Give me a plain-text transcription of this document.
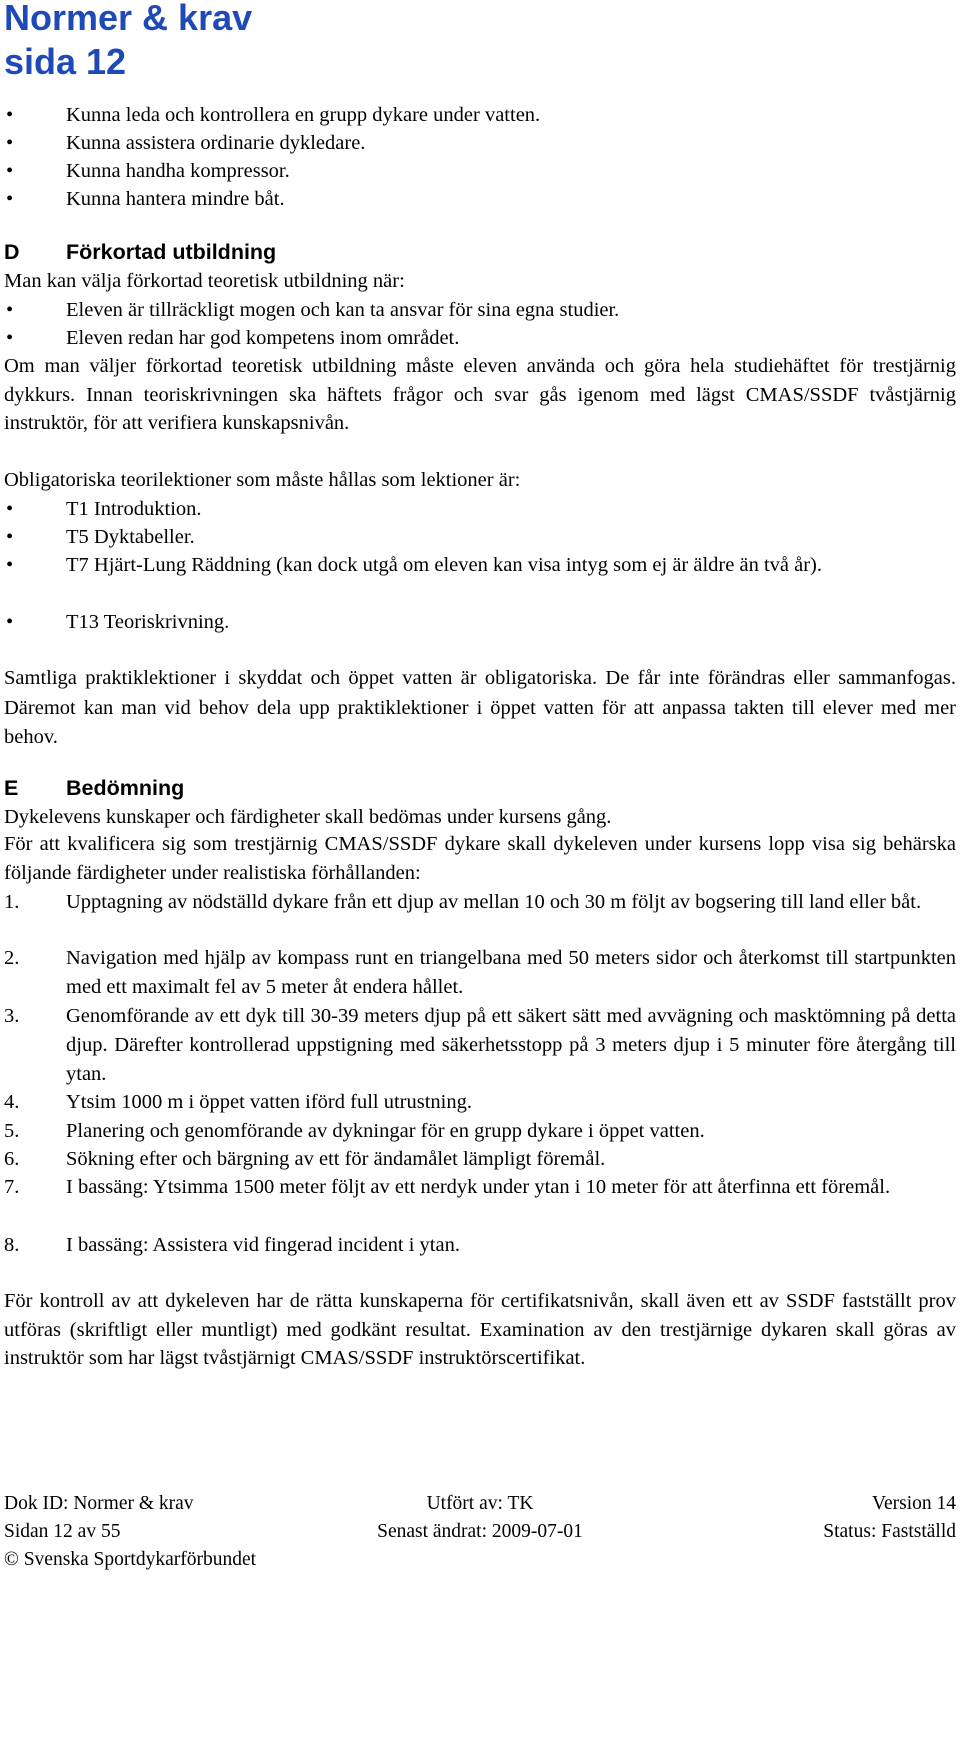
Normer & krav
sida 12
•	Kunna leda och kontrollera en grupp dykare under vatten.
•	Kunna assistera ordinarie dykledare.
•	Kunna handha kompressor.
•	Kunna hantera mindre båt.
D Förkortad utbildning

Man kan välja förkortad teoretisk utbildning när:

•	Eleven är tillräckligt mogen och kan ta ansvar för sina egna studier.
•	Eleven redan har god kompetens inom området.

Om man väljer förkortad teoretisk utbildning måste eleven använda och göra hela studiehäftet för trestjärnig dykkurs. Innan teoriskrivningen ska häftets frågor och svar gås igenom med lägst CMAS/SSDF tvåstjärnig instruktör, för att verifiera kunskapsnivån.

Obligatoriska teorilektioner som måste hållas som lektioner är:

•	T1 Introduktion.
•	T5 Dyktabeller.
•	T7 Hjärt-Lung Räddning (kan dock utgå om eleven kan visa intyg som ej är äldre än två år).
•	T13 Teoriskrivning.

Samtliga praktiklektioner i skyddat och öppet vatten är obligatoriska. De får inte förändras eller sammanfogas. Däremot kan man vid behov dela upp praktiklektioner i öppet vatten för att anpassa takten till elever med mer behov.

E Bedömning

Dykelevens kunskaper och färdigheter skall bedömas under kursens gång.

För att kvalificera sig som trestjärnig CMAS/SSDF dykare skall dykeleven under kursens lopp visa sig behärska följande färdigheter under realistiska förhållanden:

1.	Upptagning av nödställd dykare från ett djup av mellan 10 och 30 m följt av bogsering till land eller båt.
2.	Navigation med hjälp av kompass runt en triangelbana med 50 meters sidor och återkomst till startpunkten med ett maximalt fel av 5 meter åt endera hållet.
3.	Genomförande av ett dyk till 30-39 meters djup på ett säkert sätt med avvägning och masktömning på detta djup. Därefter kontrollerad uppstigning med säkerhetsstopp på 3 meters djup i 5 minuter före återgång till ytan.
4.	Ytsim 1000 m i öppet vatten iförd full utrustning.
5.	Planering och genomförande av dykningar för en grupp dykare i öppet vatten.
6.	Sökning efter och bärgning av ett för ändamålet lämpligt föremål.
7.	I bassäng: Ytsimma 1500 meter följt av ett nerdyk under ytan i 10 meter för att återfinna ett föremål.
8.	I bassäng: Assistera vid fingerad incident i ytan.

För kontroll av att dykeleven har de rätta kunskaperna för certifikatsnivån, skall även ett av SSDF fastställt prov utföras (skriftligt eller muntligt) med godkänt resultat. Examination av den trestjärnige dykaren skall göras av instruktör som har lägst tvåstjärnigt CMAS/SSDF instruktörscertifikat.

Dok ID: Normer & krav	Utfört av: TK	Version 14
Sidan 12 av 55	Senast ändrat: 2009-07-01	Status: Fastställd
© Svenska Sportdykarförbundet
